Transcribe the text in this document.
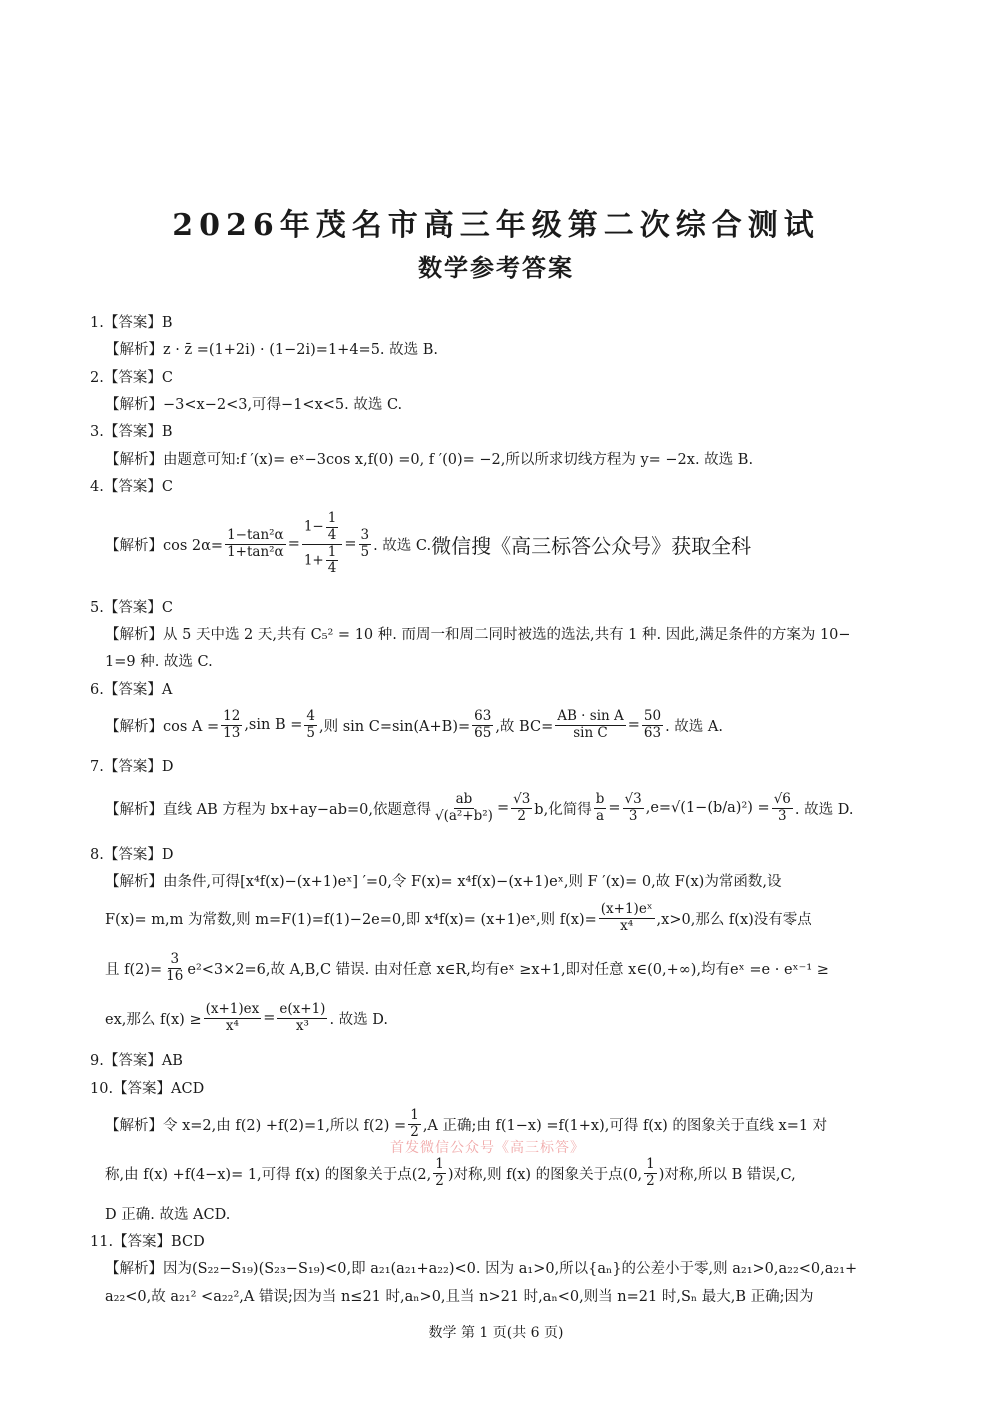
2026年茂名市高三年级第二次综合测试
数学参考答案
1.【答案】B
【解析】z · z̄ =(1+2i) · (1−2i)=1+4=5. 故选 B.
2.【答案】C
【解析】−3<x−2<3,可得−1<x<5. 故选 C.
3.【答案】B
【解析】由题意可知:f ′(x)= eˣ−3cos x,f(0) =0, f ′(0)= −2,所以所求切线方程为 y= −2x. 故选 B.
4.【答案】C
【解析】$\cos 2\alpha= \frac{\text{1−tan²α}}{\text{1+tan²α}} = \frac{1- \frac{1}{4}}{1+ \frac{1}{4}} = \frac{3}{5}$ . 故选 C. 微信搜《高三标答公众号》获取全科
5.【答案】C
【解析】从 5 天中选 2 天,共有 C₅² = 10 种. 而周一和周二同时被选的选法,共有 1 种. 因此,满足条件的方案为 10−
1=9 种. 故选 C.
6.【答案】A
【解析】$\cos A = \frac{12}{13} ,\sin$ $B = \frac{4}{5}$ ,则 $\sin C=\sin(A+B)= \frac{63}{65}$ ,故 $BC= \frac{\text{AB · sin A}}{\text{sin C}} = \frac{50}{63}$ . 故选 A.
7.【答案】D
【解析】直线 AB 方程为 bx+ay−ab=0,依题意得 $\frac{ab}{\text{√(a²+b²)}} = \frac{√3}{2} b$,化简得 $\frac{b}{a} = \frac{√3}{3} ,e=√(1-(b/a)^2) = \frac{√6}{3}$ . 故选 D.
8.【答案】D
【解析】由条件,可得[x⁴f(x)−(x+1)eˣ] ′=0,令 F(x)= x⁴f(x)−(x+1)eˣ,则 F ′(x)= 0,故 F(x)为常函数,设
F(x)= m,m 为常数,则 m=F(1)=f(1)−2e=0,即 x⁴f(x)= (x+1)eˣ,则 $f(x)= \frac{\text{(x+1)eˣ}}{\text{x⁴}} ,x>0$,那么 f(x)没有零点
且 $f(2)= \frac{3}{16} e^2<3\times 2=6$,故 A,B,C 错误. 由对任意 x∈R,均有eˣ ≥x+1,即对任意 x∈(0,+∞),均有eˣ =e · eˣ⁻¹ ≥
ex,那么 $f(x) \ge \frac{(x+1)ex}{\text{x⁴}} = \frac{e(x+1)}{\text{x³}}$ . 故选 D.
9.【答案】AB
10.【答案】ACD
【解析】令 x=2,由 f(2) +f(2)=1,所以 $f(2) = \frac{1}{2} ,A$ 正确;由 f(1−x) =f(1+x),可得 f(x) 的图象关于直线 x=1 对
称,由 f(x) +f(4−x)= 1,可得 f(x) 的图象关于点(2, $\frac{1}{2}$ )对称,则 f(x) 的图象关于点(0, $\frac{1}{2}$ )对称,所以 B 错误,C,
D 正确. 故选 ACD.
11.【答案】BCD
【解析】因为(S₂₂−S₁₉)(S₂₃−S₁₉)<0,即 a₂₁(a₂₁+a₂₂)<0. 因为 a₁>0,所以{aₙ}的公差小于零,则 a₂₁>0,a₂₂<0,a₂₁+
a₂₂<0,故 a₂₁² <a₂₂²,A 错误;因为当 n≤21 时,aₙ>0,且当 n>21 时,aₙ<0,则当 n=21 时,Sₙ 最大,B 正确;因为
首发微信公众号《高三标答》
数学 第 1 页(共 6 页)
